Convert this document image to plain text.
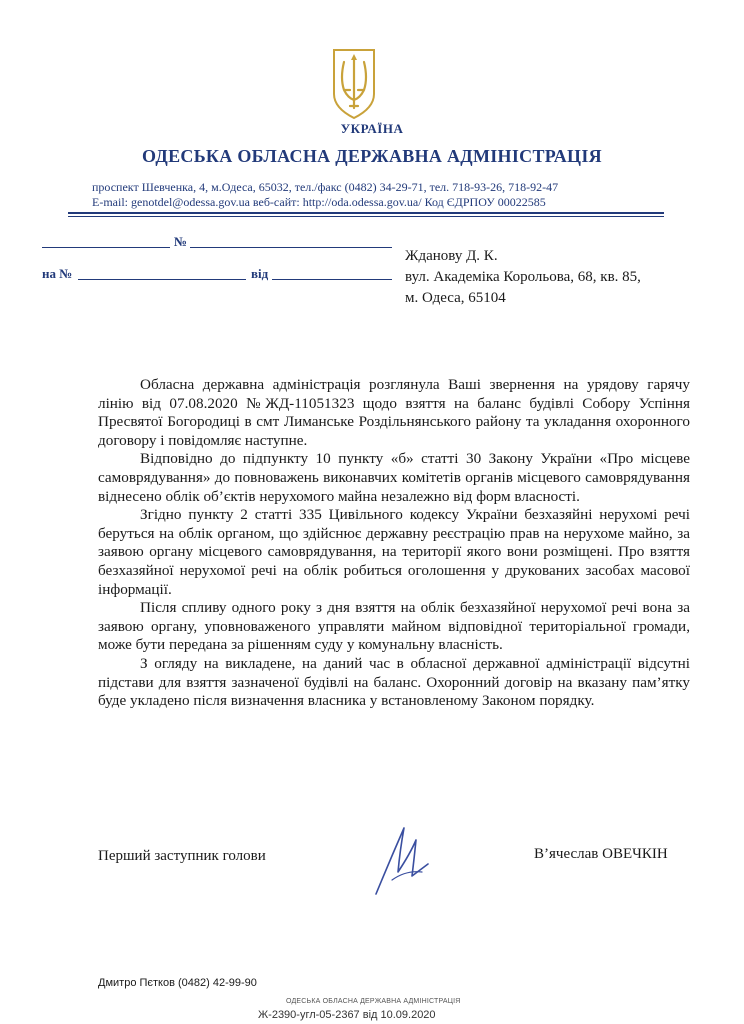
УКРАЇНА
ОДЕСЬКА ОБЛАСНА ДЕРЖАВНА АДМІНІСТРАЦІЯ
проспект Шевченка, 4, м.Одеса, 65032, тел./факс (0482) 34-29-71, тел. 718-93-26, 718-92-47
E-mail: genotdel@odessa.gov.ua веб-сайт: http://oda.odessa.gov.ua/ Код ЄДРПОУ 00022585
№
на №	від
Жданову Д. К.
вул. Академіка Корольова, 68, кв. 85,
м. Одеса, 65104

Обласна державна адміністрація розглянула Ваші звернення на урядову гарячу лінію від 07.08.2020 №ЖД-11051323 щодо взяття на баланс будівлі Собору Успіння Пресвятої Богородиці в смт Лиманське Роздільнянського району та укладання охоронного договору і повідомляє наступне.

Відповідно до підпункту 10 пункту «б» статті 30 Закону України «Про місцеве самоврядування» до повноважень виконавчих комітетів органів місцевого самоврядування віднесено облік об’єктів нерухомого майна незалежно від форм власності.

Згідно пункту 2 статті 335 Цивільного кодексу України безхазяйні нерухомі речі беруться на облік органом, що здійснює державну реєстрацію прав на нерухоме майно, за заявою органу місцевого самоврядування, на території якого вони розміщені. Про взяття безхазяйної нерухомої речі на облік робиться оголошення у друкованих засобах масової інформації.

Після спливу одного року з дня взяття на облік безхазяйної нерухомої речі вона за заявою органу, уповноваженого управляти майном відповідної територіальної громади, може бути передана за рішенням суду у комунальну власність.

З огляду на викладене, на даний час в обласної державної адміністрації відсутні підстави для взяття зазначеної будівлі на баланс. Охоронний договір на вказану пам’ятку буде укладено після визначення власника у встановленому Законом порядку.

Перший заступник голови	В’ячеслав ОВЕЧКІН
Дмитро Пєтков (0482) 42-99-90
ОДЕСЬКА ОБЛАСНА ДЕРЖАВНА АДМІНІСТРАЦІЯ
Ж-2390-угл-05-2367 від 10.09.2020
